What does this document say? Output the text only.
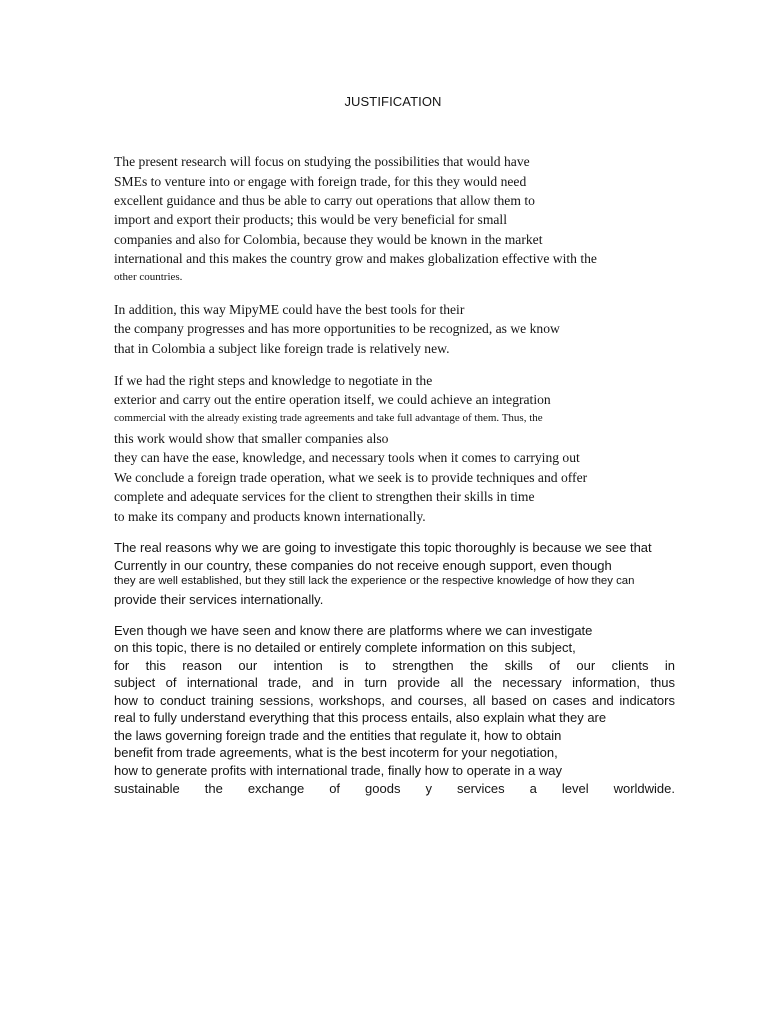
JUSTIFICATION
The present research will focus on studying the possibilities that would have
SMEs to venture into or engage with foreign trade, for this they would need
excellent guidance and thus be able to carry out operations that allow them to
import and export their products; this would be very beneficial for small
companies and also for Colombia, because they would be known in the market
international and this makes the country grow and makes globalization effective with the
other countries.
In addition, this way MipyME could have the best tools for their
the company progresses and has more opportunities to be recognized, as we know
that in Colombia a subject like foreign trade is relatively new.
If we had the right steps and knowledge to negotiate in the
exterior and carry out the entire operation itself, we could achieve an integration
commercial with the already existing trade agreements and take full advantage of them. Thus, the
this work would show that smaller companies also
they can have the ease, knowledge, and necessary tools when it comes to carrying out
We conclude a foreign trade operation, what we seek is to provide techniques and offer
complete and adequate services for the client to strengthen their skills in time
to make its company and products known internationally.
The real reasons why we are going to investigate this topic thoroughly is because we see that
Currently in our country, these companies do not receive enough support, even though
they are well established, but they still lack the experience or the respective knowledge of how they can
provide their services internationally.
Even though we have seen and know there are platforms where we can investigate
on this topic, there is no detailed or entirely complete information on this subject,
for this reason our intention is to strengthen the skills of our clients in
subject of international trade, and in turn provide all the necessary information, thus
how to conduct training sessions, workshops, and courses, all based on cases and indicators
real to fully understand everything that this process entails, also explain what they are
the laws governing foreign trade and the entities that regulate it, how to obtain
benefit from trade agreements, what is the best incoterm for your negotiation,
how to generate profits with international trade, finally how to operate in a way
sustainable the exchange of goods y services a level worldwide.
